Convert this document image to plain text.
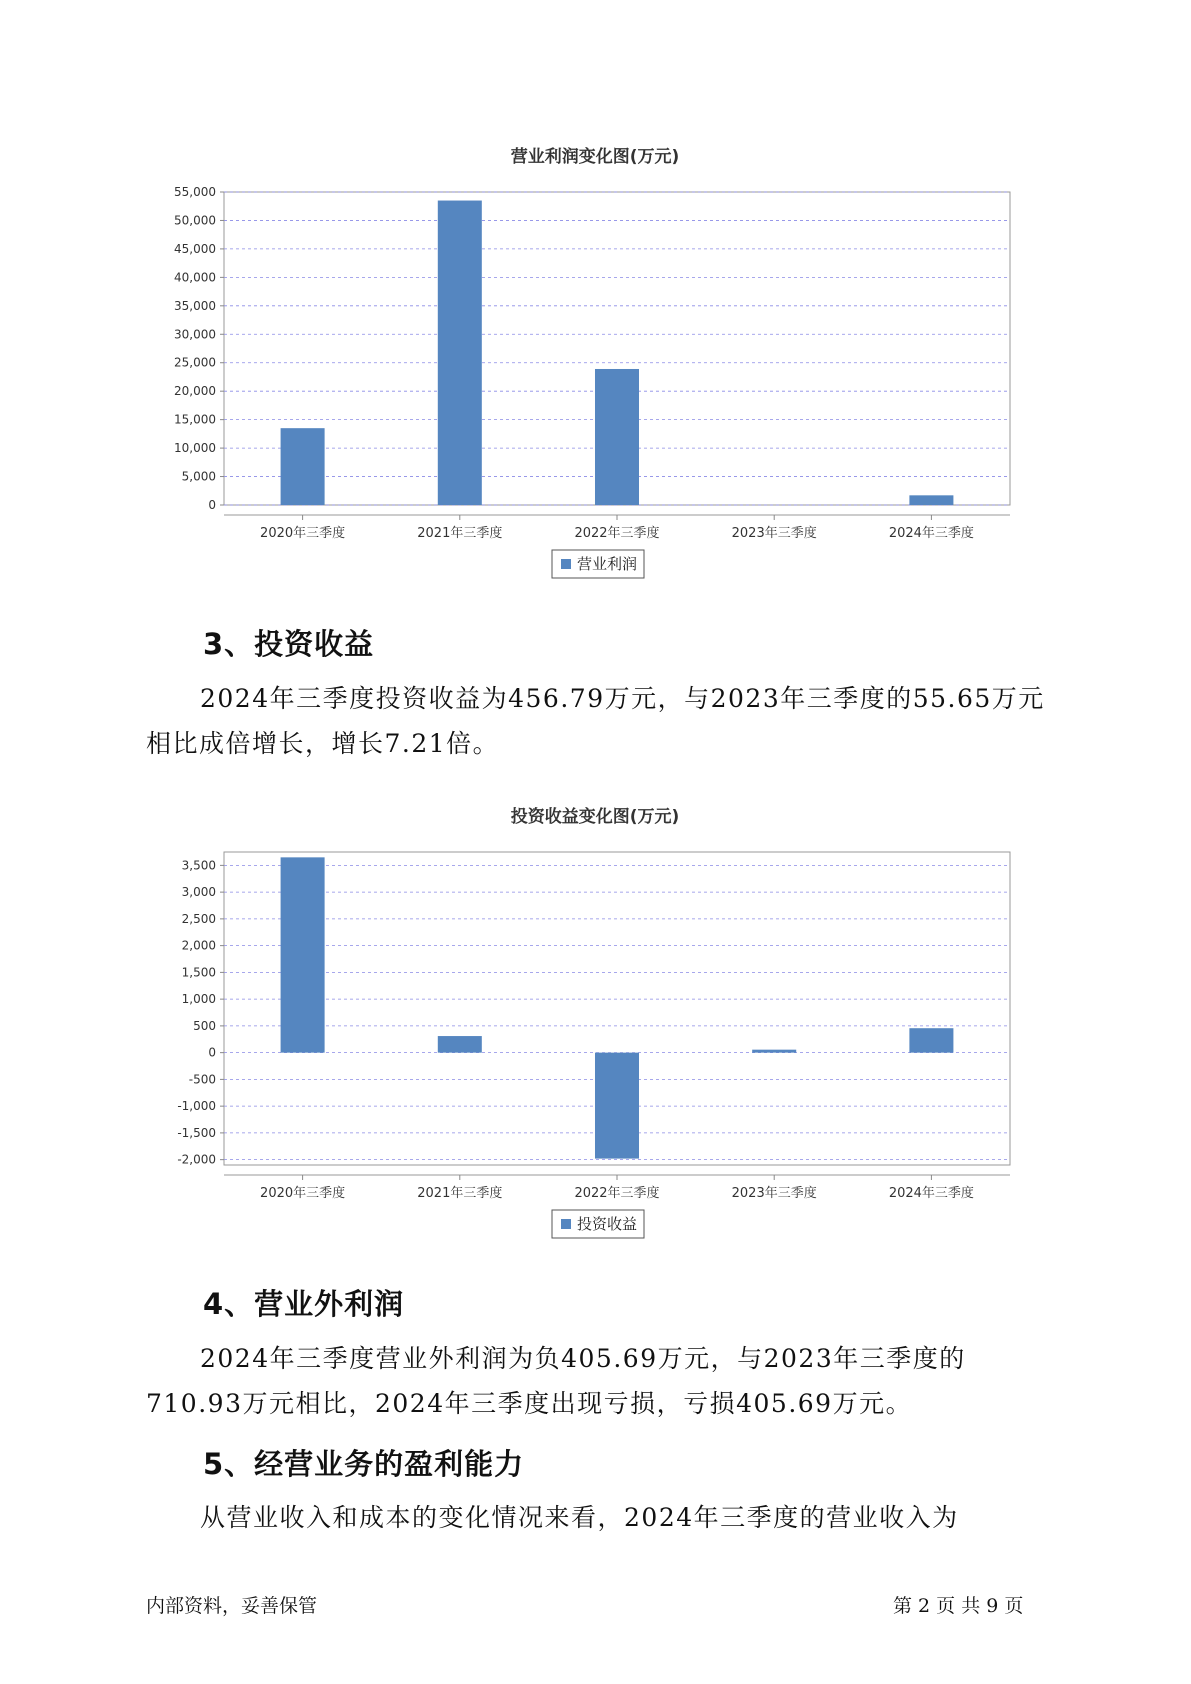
营业利润变化图(万元)
0
5,000
10,000
15,000
20,000
25,000
30,000
35,000
40,000
45,000
50,000
55,000
2020年三季度	2021年三季度	2022年三季度	2023年三季度	2024年三季度
营业利润
3、投资收益

2024年三季度投资收益为456.79万元，与2023年三季度的55.65万元相比成倍增长，增长7.21倍。

投资收益变化图(万元)
-2,000
-1,500
-1,000
-500
0
500
1,000
1,500
2,000
2,500
3,000
3,500
2020年三季度	2021年三季度	2022年三季度	2023年三季度	2024年三季度
投资收益
4、营业外利润

2024年三季度营业外利润为负405.69万元，与2023年三季度的710.93万元相比，2024年三季度出现亏损，亏损405.69万元。

5、经营业务的盈利能力

从营业收入和成本的变化情况来看，2024年三季度的营业收入为

内部资料，妥善保管	第 2 页 共 9 页
